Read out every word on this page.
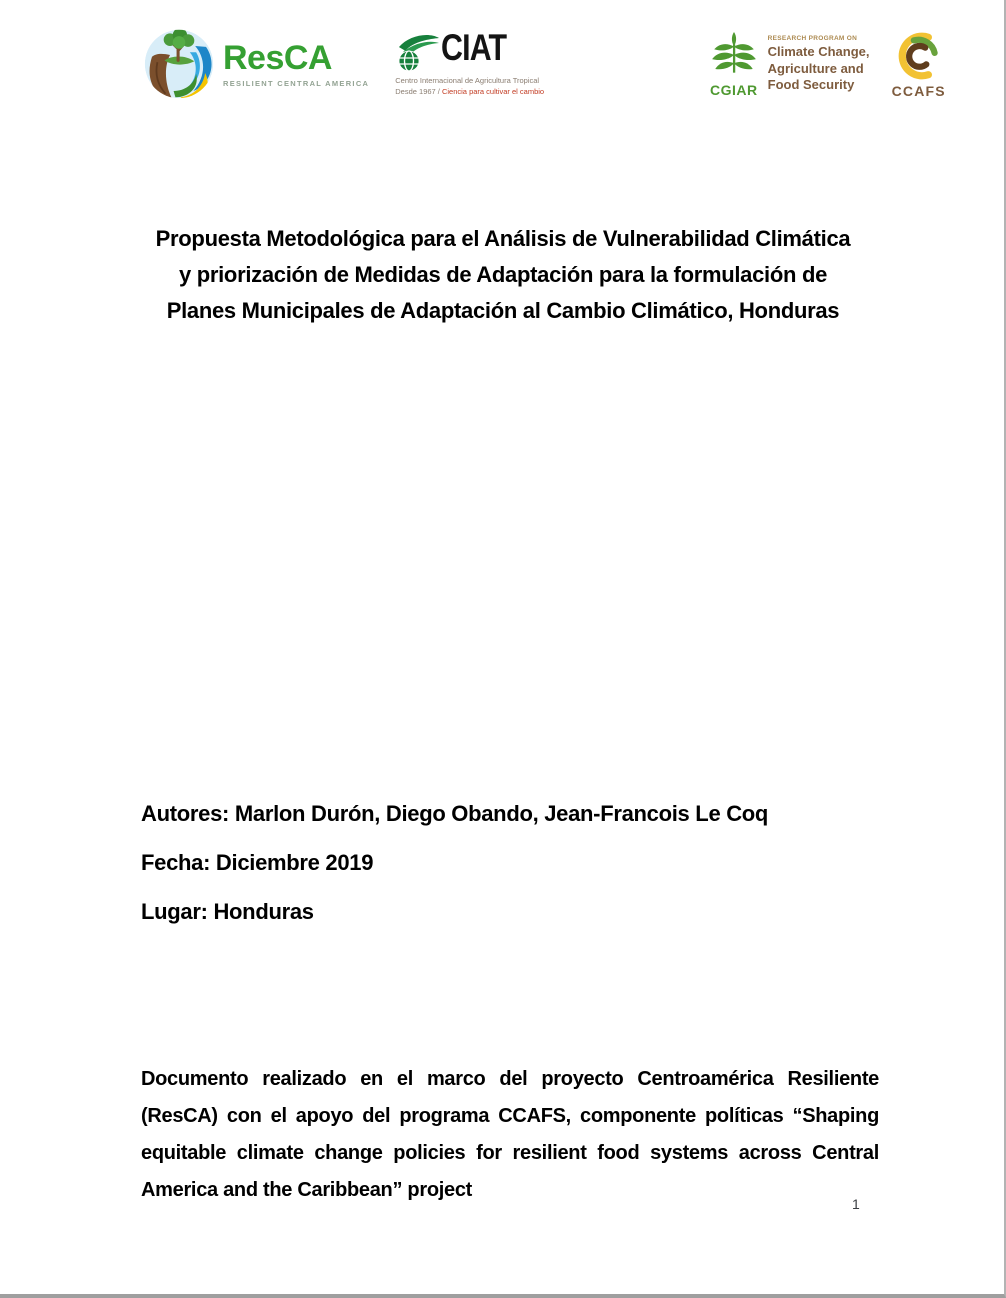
ResCA
RESILIENT CENTRAL AMERICA
CIAT
Centro Internacional de Agricultura Tropical
Desde 1967 / Ciencia para cultivar el cambio	CGIAR
RESEARCH PROGRAM ON
Climate Change, Agriculture and Food Security	CCAFS
Propuesta Metodológica para el Análisis de Vulnerabilidad Climática y priorización de Medidas de Adaptación para la formulación de Planes Municipales de Adaptación al Cambio Climático, Honduras

Autores: Marlon Durón, Diego Obando, Jean-Francois Le Coq

Fecha: Diciembre 2019

Lugar: Honduras

Documento realizado en el marco del proyecto Centroamérica Resiliente (ResCA) con el apoyo del programa CCAFS, componente políticas “Shaping equitable climate change policies for resilient food systems across Central America and the Caribbean” project

1
